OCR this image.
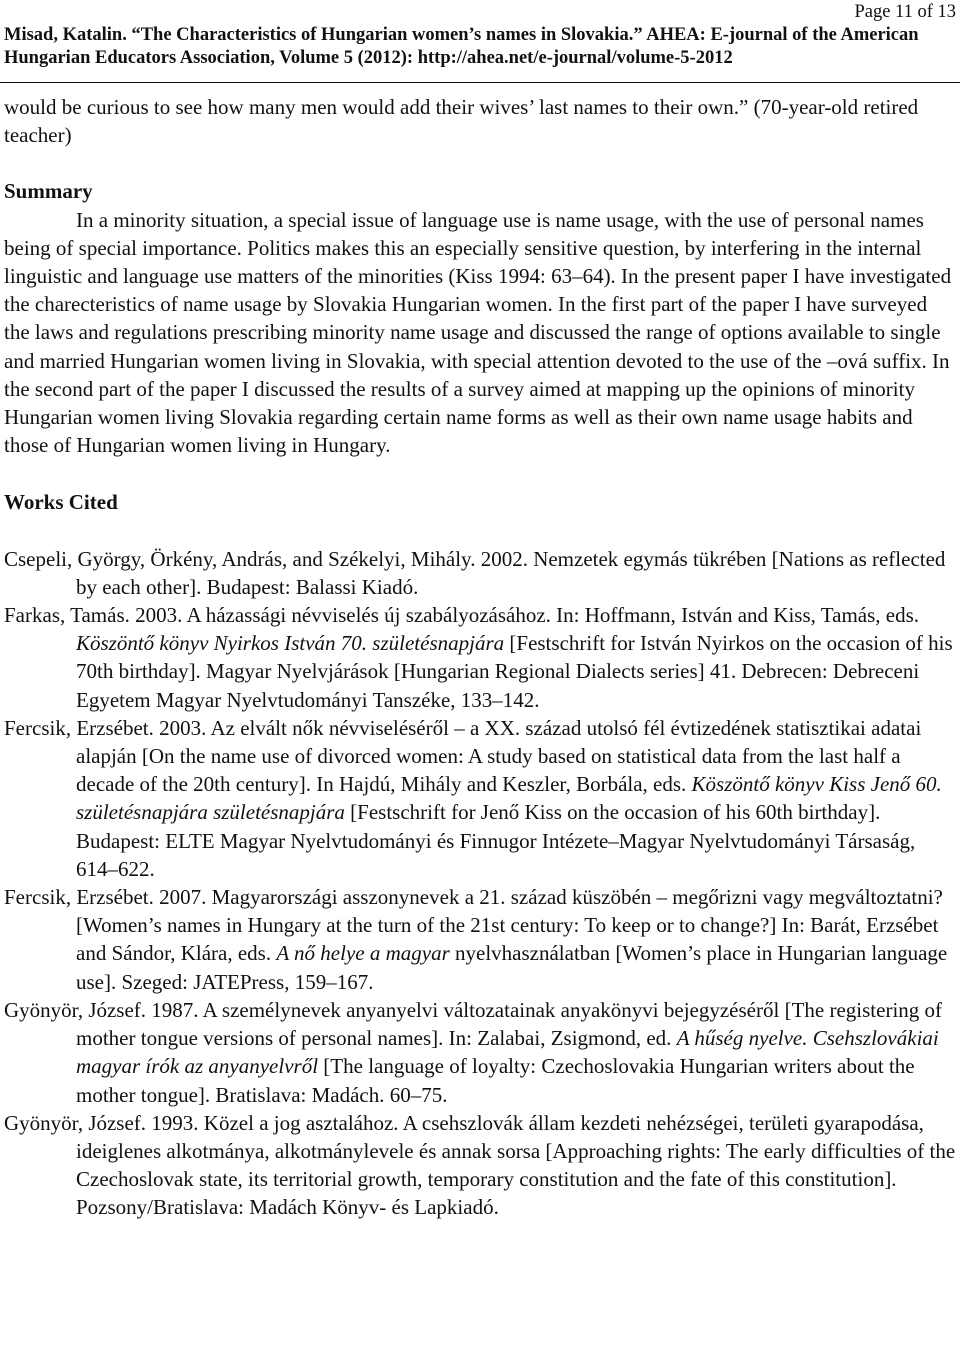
Page 11 of 13
Misad, Katalin. “The Characteristics of Hungarian women’s names in Slovakia.” AHEA: E-journal of the American
Hungarian Educators Association, Volume 5 (2012): http://ahea.net/e-journal/volume-5-2012

would be curious to see how many men would add their wives’ last names to their own.” (70-year-old retired teacher)

Summary

In a minority situation, a special issue of language use is name usage, with the use of personal names being of special importance. Politics makes this an especially sensitive question, by interfering in the internal linguistic and language use matters of the minorities (Kiss 1994: 63–64). In the present paper I have investigated the charecteristics of name usage by Slovakia Hungarian women. In the first part of the paper I have surveyed the laws and regulations prescribing minority name usage and discussed the range of options available to single and married Hungarian women living in Slovakia, with special attention devoted to the use of the –ová suffix. In the second part of the paper I discussed the results of a survey aimed at mapping up the opinions of minority Hungarian women living Slovakia regarding certain name forms as well as their own name usage habits and those of Hungarian women living in Hungary.

Works Cited

Csepeli, György, Örkény, András, and Székelyi, Mihály. 2002. Nemzetek egymás tükrében [Nations as reflected by each other]. Budapest: Balassi Kiadó.

Farkas, Tamás. 2003. A házassági névviselés új szabályozásához. In: Hoffmann, István and Kiss, Tamás, eds. Köszöntő könyv Nyirkos István 70. születésnapjára [Festschrift for István Nyirkos on the occasion of his 70th birthday]. Magyar Nyelvjárások [Hungarian Regional Dialects series] 41. Debrecen: Debreceni Egyetem Magyar Nyelvtudományi Tanszéke, 133–142.

Fercsik, Erzsébet. 2003. Az elvált nők névviseléséről – a XX. század utolsó fél évtizedének statisztikai adatai alapján [On the name use of divorced women: A study based on statistical data from the last half a decade of the 20th century]. In Hajdú, Mihály and Keszler, Borbála, eds. Köszöntő könyv Kiss Jenő 60. születésnapjára születésnapjára [Festschrift for Jenő Kiss on the occasion of his 60th birthday]. Budapest: ELTE Magyar Nyelvtudományi és Finnugor Intézete–Magyar Nyelvtudományi Társaság, 614–622.

Fercsik, Erzsébet. 2007. Magyarországi asszonynevek a 21. század küszöbén – megőrizni vagy megváltoztatni? [Women’s names in Hungary at the turn of the 21st century: To keep or to change?] In: Barát, Erzsébet and Sándor, Klára, eds. A nő helye a magyar nyelvhasználatban [Women’s place in Hungarian language use]. Szeged: JATEPress, 159–167.

Gyönyör, József. 1987. A személynevek anyanyelvi változatainak anyakönyvi bejegyzéséről [The registering of mother tongue versions of personal names]. In: Zalabai, Zsigmond, ed. A hűség nyelve. Csehszlovákiai magyar írók az anyanyelvről [The language of loyalty: Czechoslovakia Hungarian writers about the mother tongue]. Bratislava: Madách. 60–75.

Gyönyör, József. 1993. Közel a jog asztalához. A csehszlovák állam kezdeti nehézségei, területi gyarapodása, ideiglenes alkotmánya, alkotmánylevele és annak sorsa [Approaching rights: The early difficulties of the Czechoslovak state, its territorial growth, temporary constitution and the fate of this constitution]. Pozsony/Bratislava: Madách Könyv- és Lapkiadó.
